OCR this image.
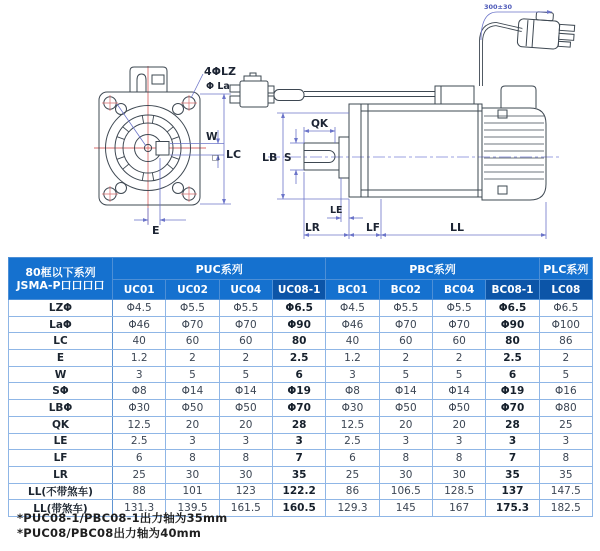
4ΦLZ
Φ La
W
□ LC
E
QK
S
LB
LE
LR	LF	LL
300±30
80框以下系列
JSMA-P口口口口	PUC系列				PBC系列				PLC系列
	UC01	UC02	UC04	UC08-1	BC01	BC02	BC04	BC08-1	LC08
LZΦ	Φ4.5	Φ5.5	Φ5.5	Φ6.5	Φ4.5	Φ5.5	Φ5.5	Φ6.5	Φ6.5
LaΦ	Φ46	Φ70	Φ70	Φ90	Φ46	Φ70	Φ70	Φ90	Φ100
LC	40	60	60	80	40	60	60	80	86
E	1.2	2	2	2.5	1.2	2	2	2.5	2
W	3	5	5	6	3	5	5	6	5
SΦ	Φ8	Φ14	Φ14	Φ19	Φ8	Φ14	Φ14	Φ19	Φ16
LBΦ	Φ30	Φ50	Φ50	Φ70	Φ30	Φ50	Φ50	Φ70	Φ80
QK	12.5	20	20	28	12.5	20	20	28	25
LE	2.5	3	3	3	2.5	3	3	3	3
LF	6	8	8	7	6	8	8	7	8
LR	25	30	30	35	25	30	30	35	35
LL(不带煞车)	88	101	123	122.2	86	106.5	128.5	137	147.5
LL(带煞车)	131.3	139.5	161.5	160.5	129.3	145	167	175.3	182.5
*PUC08-1/PBC08-1出力轴为35mm
*PUC08/PBC08出力轴为40mm
